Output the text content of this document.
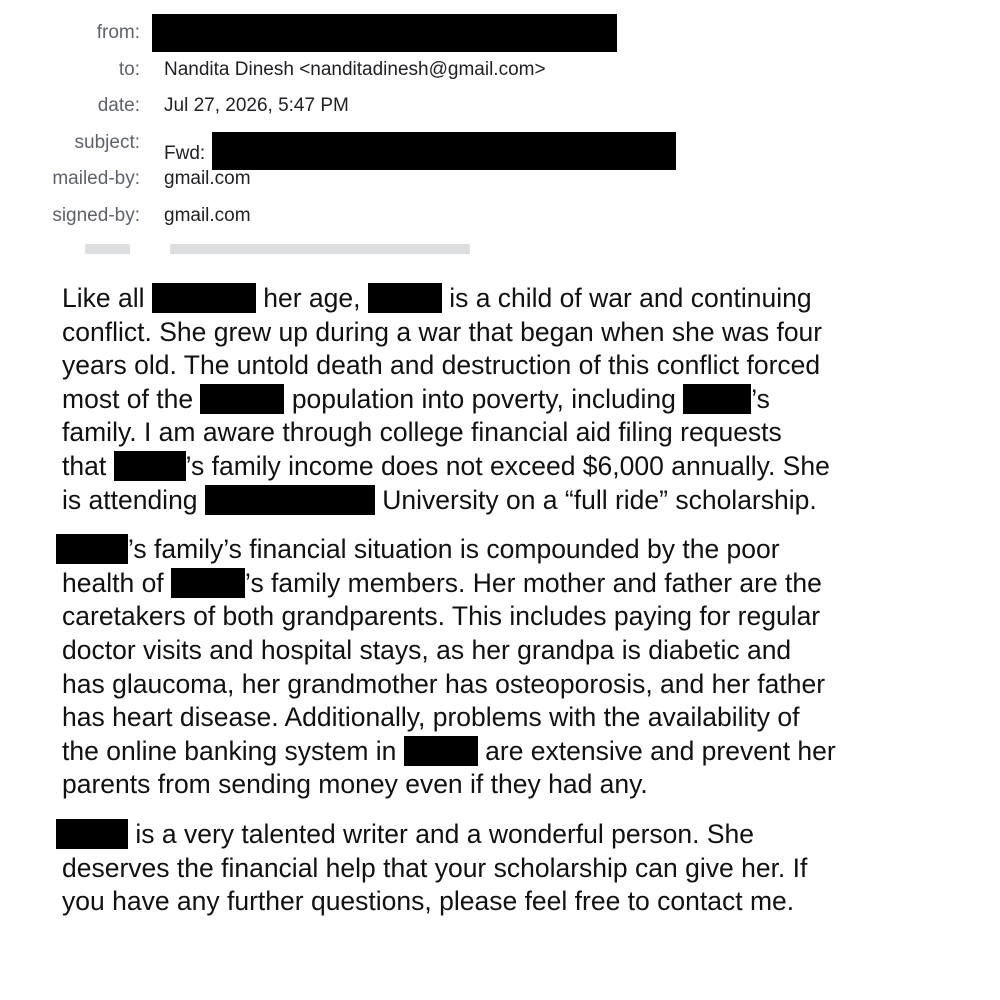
from:
to: Nandita Dinesh <nanditadinesh@gmail.com>
date: Jul 27, 2026, 5:47 PM
subject:
Fwd:
mailed-by: gmail.com
signed-by: gmail.com
Like all	her age,	is a child of war and continuing
conflict. She grew up during a war that began when she was four
years old. The untold death and destruction of this conflict forced
most of the	population into poverty, including	’s
family. I am aware through college financial aid filing requests
that	’s family income does not exceed $6,000 annually. She
is attending	University on a “full ride” scholarship.
’s family’s financial situation is compounded by the poor
health of	’s family members. Her mother and father are the
caretakers of both grandparents. This includes paying for regular
doctor visits and hospital stays, as her grandpa is diabetic and
has glaucoma, her grandmother has osteoporosis, and her father
has heart disease. Additionally, problems with the availability of
the online banking system in	are extensive and prevent her
parents from sending money even if they had any.
is a very talented writer and a wonderful person. She
deserves the financial help that your scholarship can give her. If
you have any further questions, please feel free to contact me.
